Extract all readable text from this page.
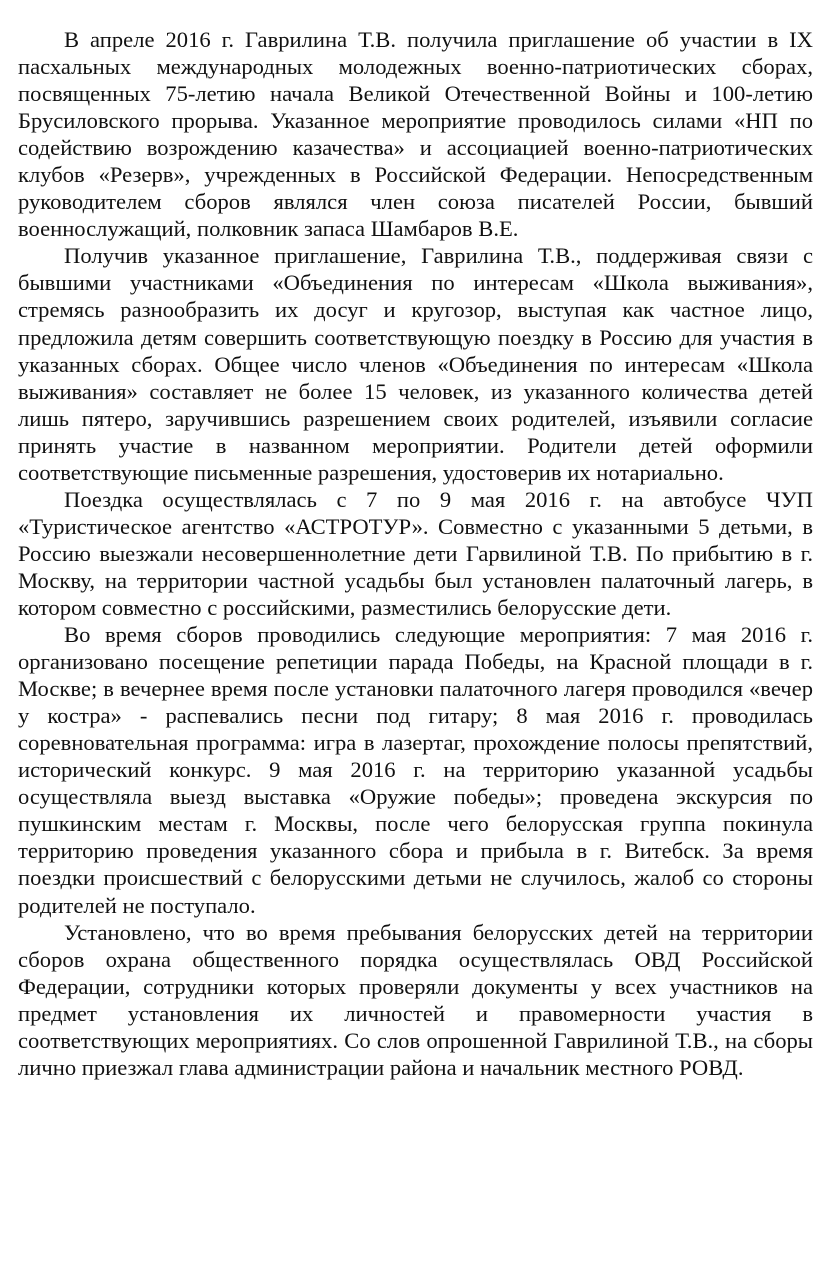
В апреле 2016 г. Гаврилина Т.В. получила приглашение об участии в IX пасхальных международных молодежных военно-патриотических сборах, посвященных 75-летию начала Великой Отечественной Войны и 100-летию Брусиловского прорыва. Указанное мероприятие проводилось силами «НП по содействию возрождению казачества» и ассоциацией военно-патриотических клубов «Резерв», учрежденных в Российской Федерации. Непосредственным руководителем сборов являлся член союза писателей России, бывший военнослужащий, полковник запаса Шамбаров В.Е.

Получив указанное приглашение, Гаврилина Т.В., поддерживая связи с бывшими участниками «Объединения по интересам «Школа выживания», стремясь разнообразить их досуг и кругозор, выступая как частное лицо, предложила детям совершить соответствующую поездку в Россию для участия в указанных сборах. Общее число членов «Объединения по интересам «Школа выживания» составляет не более 15 человек, из указанного количества детей лишь пятеро, заручившись разрешением своих родителей, изъявили согласие принять участие в названном мероприятии. Родители детей оформили соответствующие письменные разрешения, удостоверив их нотариально.

Поездка осуществлялась с 7 по 9 мая 2016 г. на автобусе ЧУП «Туристическое агентство «АСТРОТУР». Совместно с указанными 5 детьми, в Россию выезжали несовершеннолетние дети Гарвилиной Т.В. По прибытию в г. Москву, на территории частной усадьбы был установлен палаточный лагерь, в котором совместно с российскими, разместились белорусские дети.

Во время сборов проводились следующие мероприятия: 7 мая 2016 г. организовано посещение репетиции парада Победы, на Красной площади в г. Москве; в вечернее время после установки палаточного лагеря проводился «вечер у костра» - распевались песни под гитару; 8 мая 2016 г. проводилась соревновательная программа: игра в лазертаг, прохождение полосы препятствий, исторический конкурс. 9 мая 2016 г. на территорию указанной усадьбы осуществляла выезд выставка «Оружие победы»; проведена экскурсия по пушкинским местам г. Москвы, после чего белорусская группа покинула территорию проведения указанного сбора и прибыла в г. Витебск. За время поездки происшествий с белорусскими детьми не случилось, жалоб со стороны родителей не поступало.

Установлено, что во время пребывания белорусских детей на территории сборов охрана общественного порядка осуществлялась ОВД Российской Федерации, сотрудники которых проверяли документы у всех участников на предмет установления их личностей и правомерности участия в соответствующих мероприятиях. Со слов опрошенной Гаврилиной Т.В., на сборы лично приезжал глава администрации района и начальник местного РОВД.
